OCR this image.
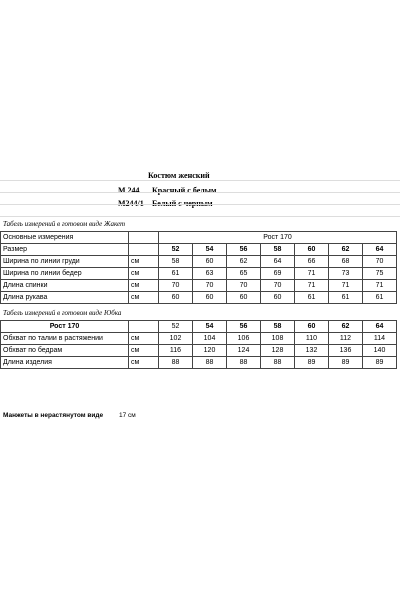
Костюм женский
M 244 Красный с белым
M244/1 Белый с черным
Табель измерений в готовом виде Жакет
Основные измерения		Рост 170						
Размер		52	54	56	58	60	62	64
Ширина по линии груди	см	58	60	62	64	66	68	70
Ширина по линии бедер	см	61	63	65	69	71	73	75
Длина спинки	см	70	70	70	70	71	71	71
Длина рукава	см	60	60	60	60	61	61	61
Табель измерений в готовом виде Юбка
Рост 170		52	54	56	58	60	62	64
Обхват по талии в растяжении	см	102	104	106	108	110	112	114
Обхват по бедрам	см	116	120	124	128	132	136	140
Длина изделия	см	88	88	88	88	89	89	89
Манжеты в нерастянутом виде 17 см
